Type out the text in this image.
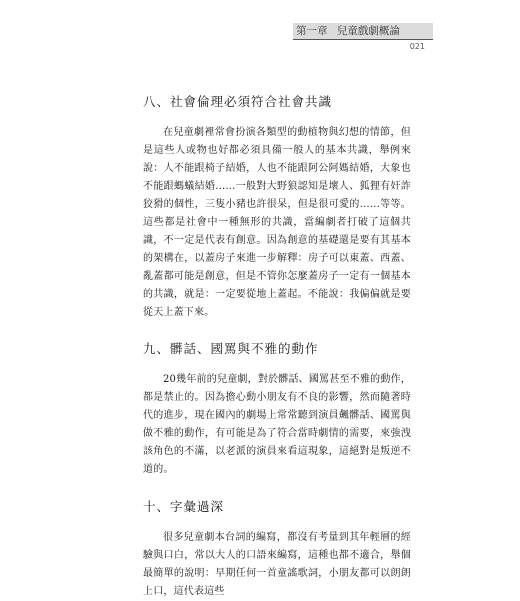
第一章 兒童戲劇概論
021
八、社會倫理必須符合社會共識

在兒童劇裡常會扮演各類型的動植物與幻想的情節，但是這些人或物也好都必須具備一般人的基本共識，舉例來說：人不能跟椅子結婚，人也不能跟阿公阿媽結婚，大象也不能跟螞蟻結婚……一般對大野狼認知是壞人、狐狸有奸詐狡猾的個性，三隻小豬也許很呆，但是很可愛的……等等。這些都是社會中一種無形的共識，當編劇者打破了這個共識，不一定是代表有創意。因為創意的基礎還是要有其基本的架構在，以蓋房子來進一步解釋：房子可以東蓋、西蓋、亂蓋都可能是創意，但是不管你怎麼蓋房子一定有一個基本的共識，就是：一定要從地上蓋起。不能說：我偏偏就是要從天上蓋下來。

九、髒話、國罵與不雅的動作

20幾年前的兒童劇，對於髒話、國罵甚至不雅的動作，都是禁止的。因為擔心動小朋友有不良的影響，然而隨著時代的進步，現在國內的劇場上常常聽到演員飆髒話、國罵與做不雅的動作，有可能是為了符合當時劇情的需要，來強洩該角色的不滿，以老派的演員來看這現象，這絕對是叛逆不道的。

十、字彙過深

很多兒童劇本台詞的編寫，都沒有考量到其年輕層的經驗與口白，常以大人的口語來編寫，這種也都不適合，舉個最簡單的說明：早期任何一首童謠歌詞，小朋友都可以朗朗上口，這代表這些
